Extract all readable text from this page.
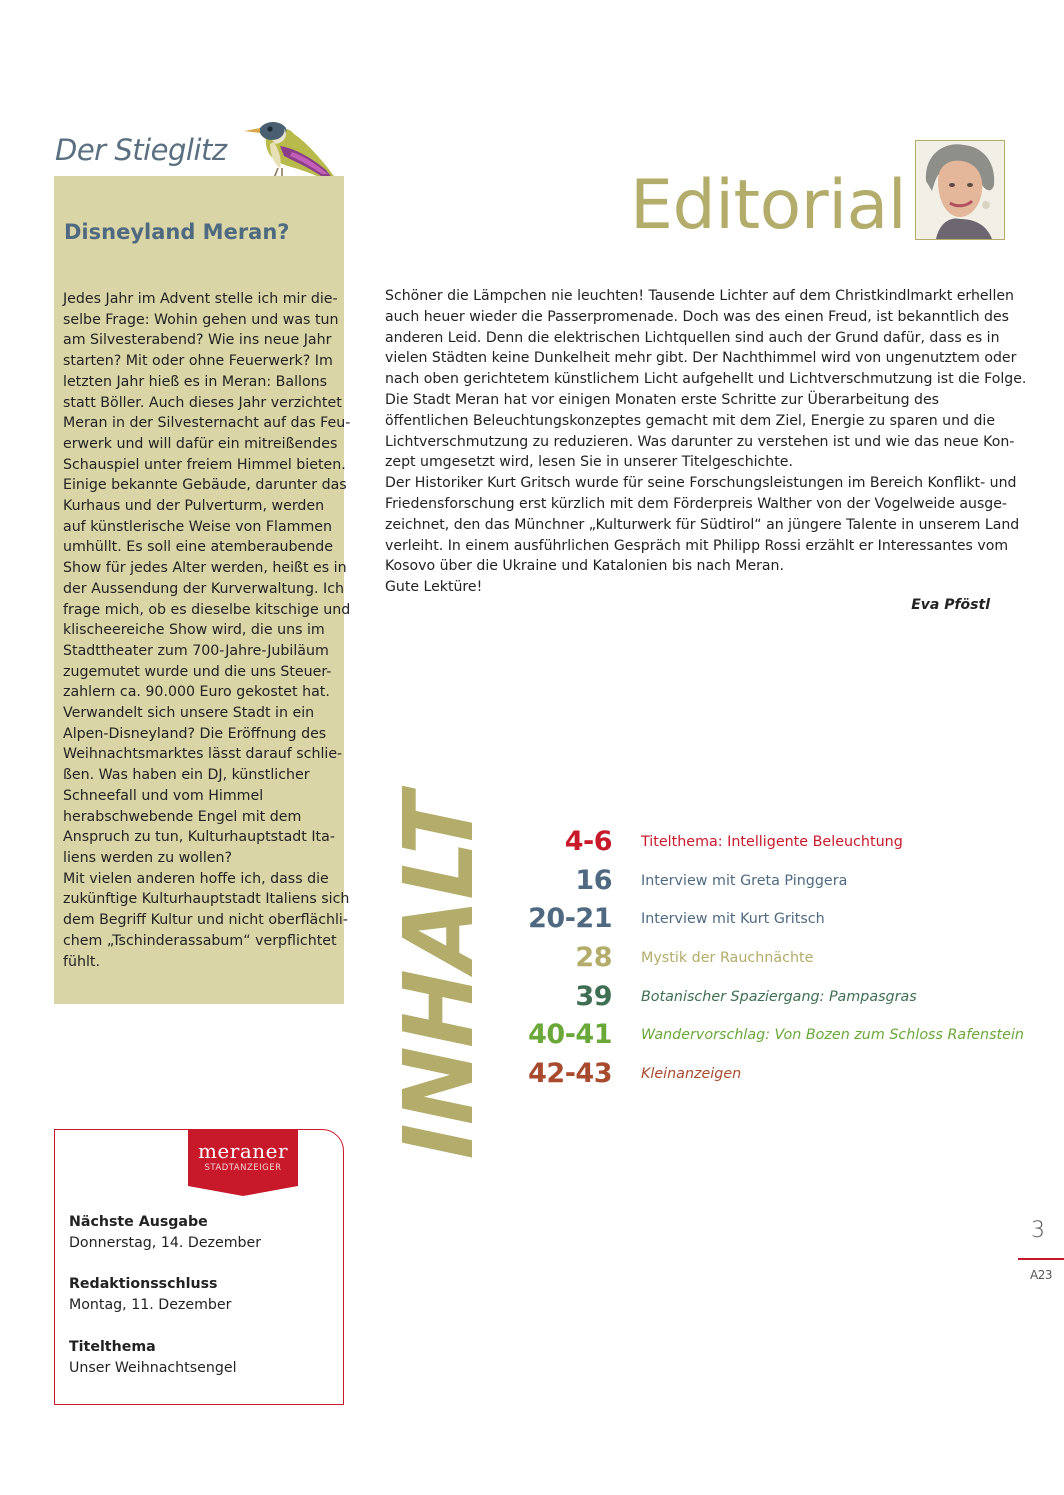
Der Stieglitz
Disneyland Meran?
Jedes Jahr im Advent stelle ich mir die-
selbe Frage: Wohin gehen und was tun
am Silvesterabend? Wie ins neue Jahr
starten? Mit oder ohne Feuerwerk? Im
letzten Jahr hieß es in Meran: Ballons
statt Böller. Auch dieses Jahr verzichtet
Meran in der Silvesternacht auf das Feu-
erwerk und will dafür ein mitreißendes
Schauspiel unter freiem Himmel bieten.
Einige bekannte Gebäude, darunter das
Kurhaus und der Pulverturm, werden
auf künstlerische Weise von Flammen
umhüllt. Es soll eine atemberaubende
Show für jedes Alter werden, heißt es in
der Aussendung der Kurverwaltung. Ich
frage mich, ob es dieselbe kitschige und
klischeereiche Show wird, die uns im
Stadttheater zum 700-Jahre-Jubiläum
zugemutet wurde und die uns Steuer-
zahlern ca. 90.000 Euro gekostet hat.
Verwandelt sich unsere Stadt in ein
Alpen-Disneyland? Die Eröffnung des
Weihnachtsmarktes lässt darauf schlie-
ßen. Was haben ein DJ, künstlicher
Schneefall und vom Himmel
herabschwebende Engel mit dem
Anspruch zu tun, Kulturhauptstadt Ita-
liens werden zu wollen?
Mit vielen anderen hoffe ich, dass die
zukünftige Kulturhauptstadt Italiens sich
dem Begriff Kultur und nicht oberflächli-
chem „Tschinderassabum“ verpflichtet
fühlt.
Editorial
Schöner die Lämpchen nie leuchten! Tausende Lichter auf dem Christkindlmarkt erhellen
auch heuer wieder die Passerpromenade. Doch was des einen Freud, ist bekanntlich des
anderen Leid. Denn die elektrischen Lichtquellen sind auch der Grund dafür, dass es in
vielen Städten keine Dunkelheit mehr gibt. Der Nachthimmel wird von ungenutztem oder
nach oben gerichtetem künstlichem Licht aufgehellt und Lichtverschmutzung ist die Folge.
Die Stadt Meran hat vor einigen Monaten erste Schritte zur Überarbeitung des
öffentlichen Beleuchtungskonzeptes gemacht mit dem Ziel, Energie zu sparen und die
Lichtverschmutzung zu reduzieren. Was darunter zu verstehen ist und wie das neue Kon-
zept umgesetzt wird, lesen Sie in unserer Titelgeschichte.
Der Historiker Kurt Gritsch wurde für seine Forschungsleistungen im Bereich Konflikt- und
Friedensforschung erst kürzlich mit dem Förderpreis Walther von der Vogelweide ausge-
zeichnet, den das Münchner „Kulturwerk für Südtirol“ an jüngere Talente in unserem Land
verleiht. In einem ausführlichen Gespräch mit Philipp Rossi erzählt er Interessantes vom
Kosovo über die Ukraine und Katalonien bis nach Meran.
Gute Lektüre!
Eva Pföstl
INHALT	4-6 Titelthema: Intelligente Beleuchtung
16 Interview mit Greta Pinggera
20-21 Interview mit Kurt Gritsch
28 Mystik der Rauchnächte
39 Botanischer Spaziergang: Pampasgras
40-41 Wandervorschlag: Von Bozen zum Schloss Rafenstein
42-43 Kleinanzeigen
meraner
STADTANZEIGER
Nächste Ausgabe
Donnerstag, 14. Dezember
Redaktionsschluss
Montag, 11. Dezember
Titelthema
Unser Weihnachtsengel
3
A23
